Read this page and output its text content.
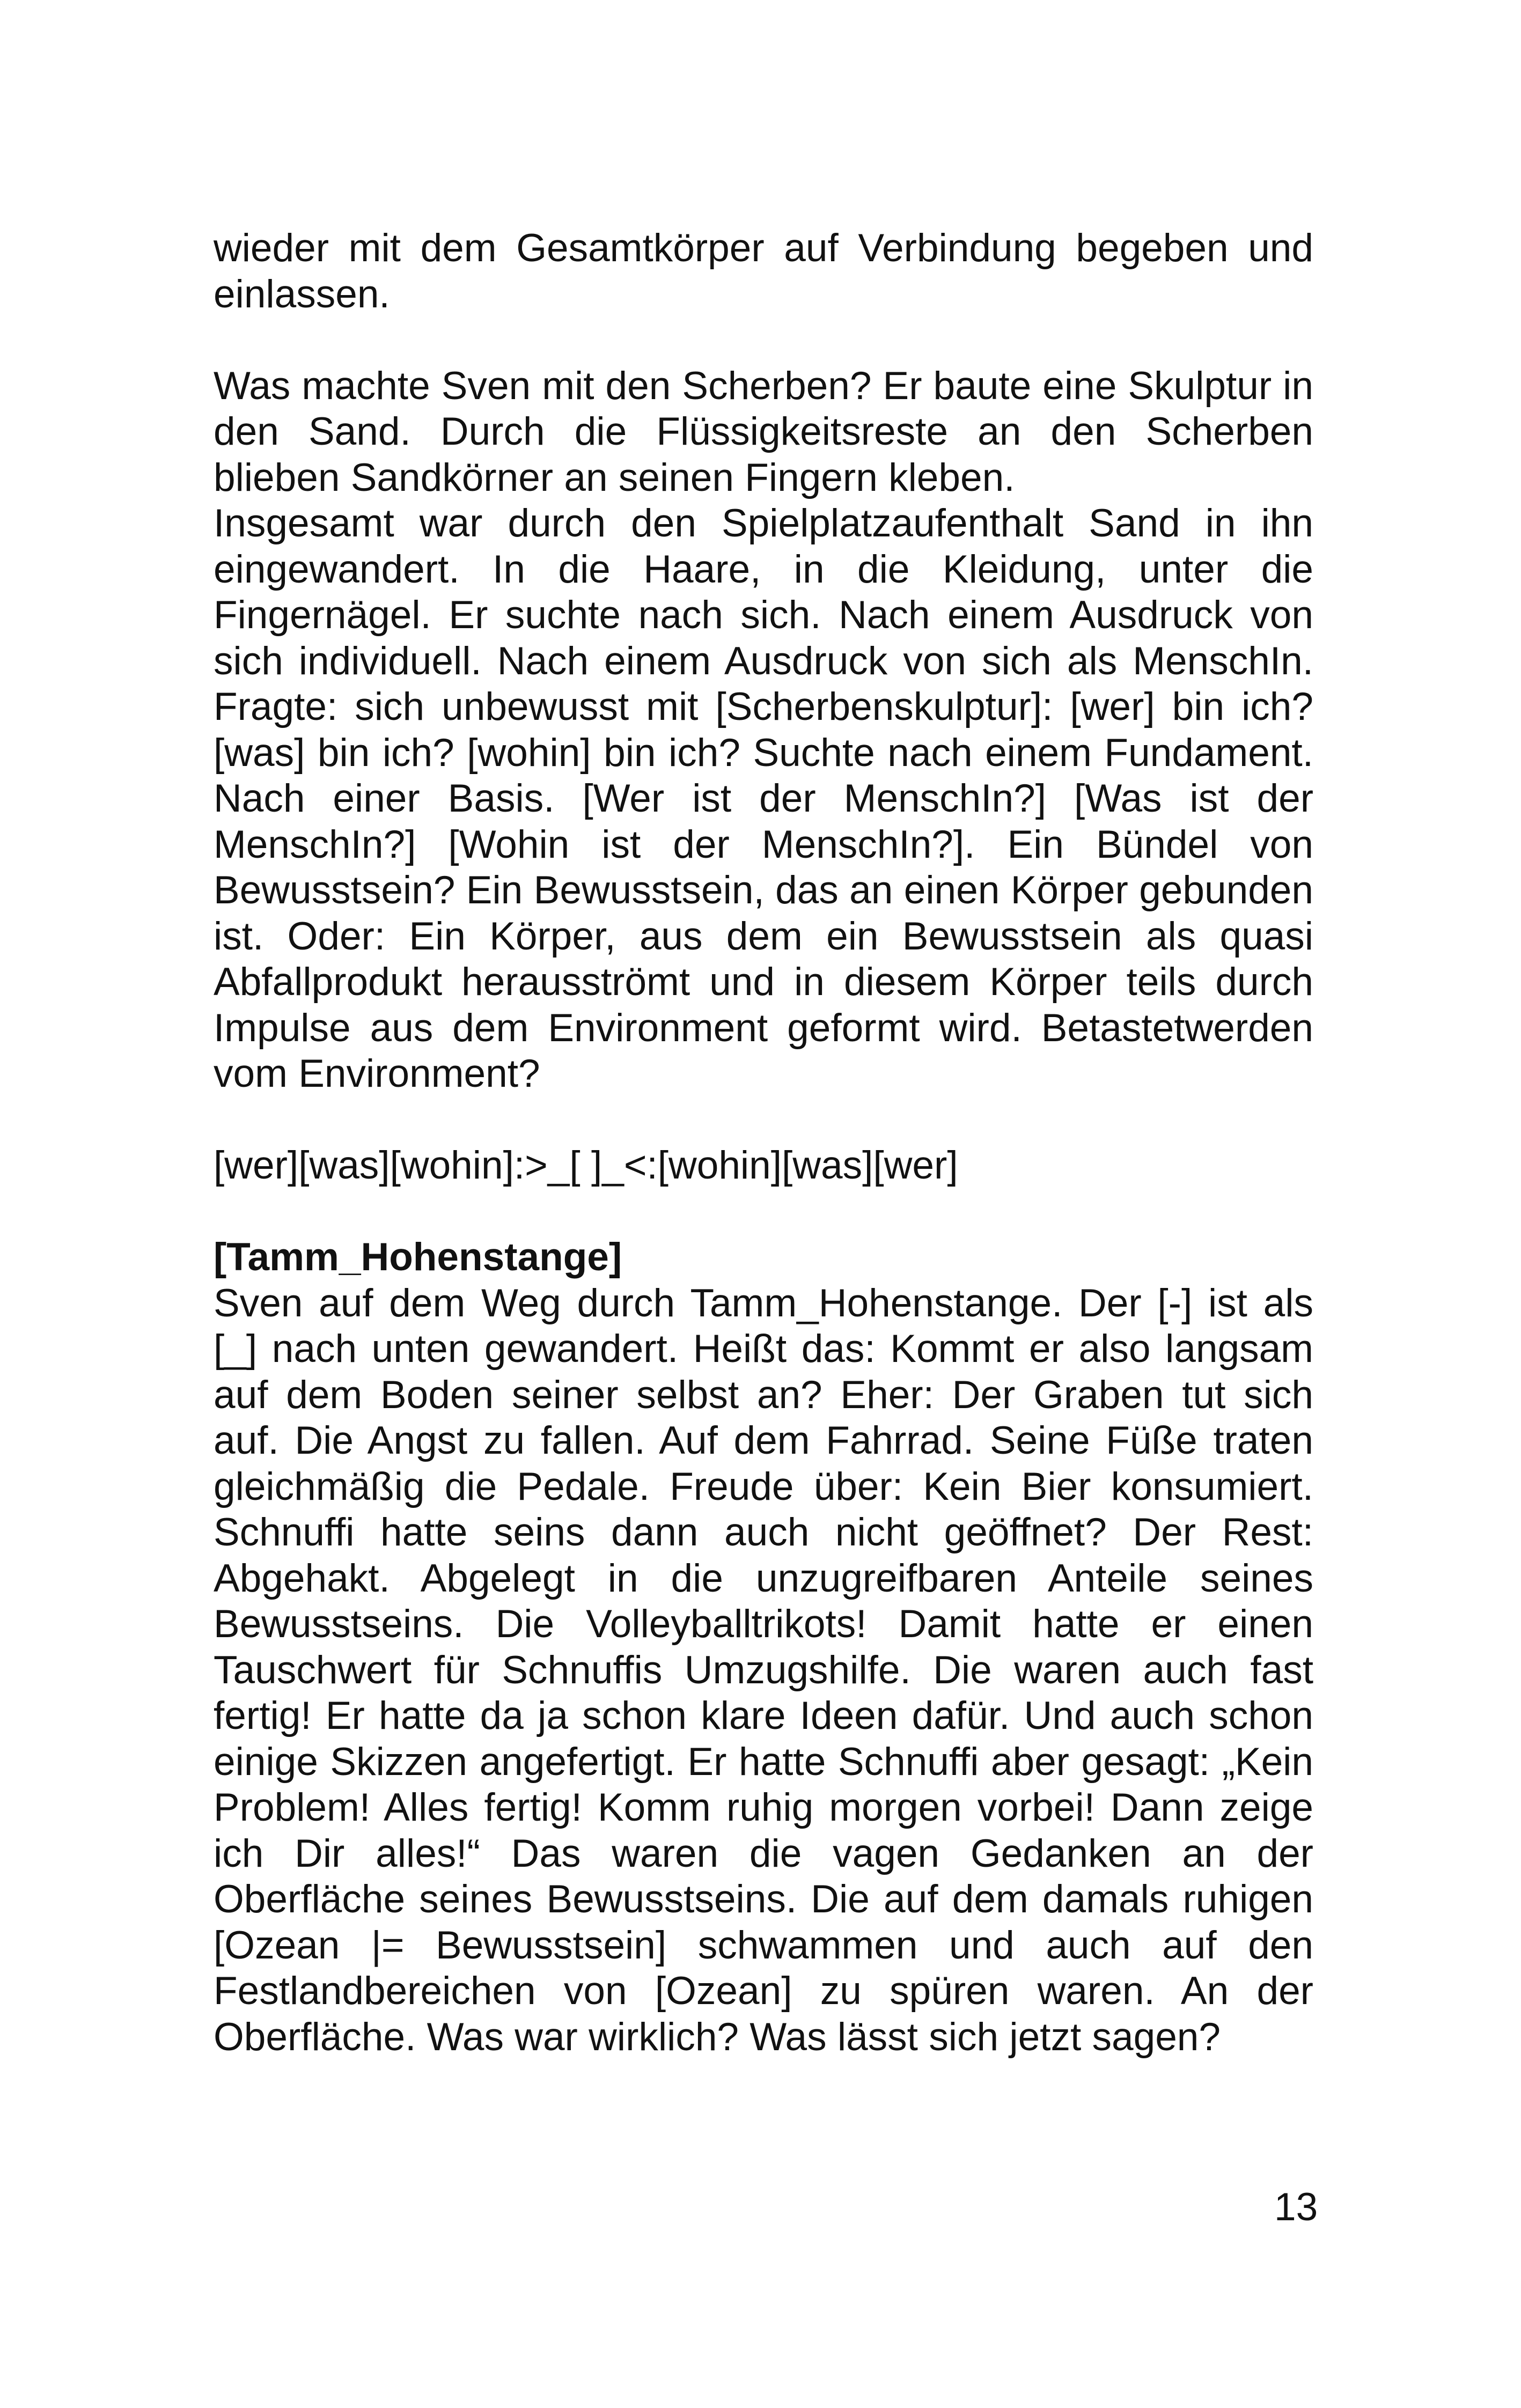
wieder mit dem Gesamtkörper auf Verbindung begeben und einlassen.

Was machte Sven mit den Scherben? Er baute eine Skulptur in den Sand. Durch die Flüssigkeitsreste an den Scherben blieben Sandkörner an seinen Fingern kleben.

Insgesamt war durch den Spielplatzaufenthalt Sand in ihn eingewandert. In die Haare, in die Kleidung, unter die Fingernägel. Er suchte nach sich. Nach einem Ausdruck von sich individuell. Nach einem Ausdruck von sich als MenschIn. Fragte: sich unbewusst mit [Scherbenskulptur]: [wer] bin ich? [was] bin ich? [wohin] bin ich? Suchte nach einem Fundament. Nach einer Basis. [Wer ist der MenschIn?] [Was ist der MenschIn?] [Wohin ist der MenschIn?]. Ein Bündel von Bewusstsein? Ein Bewusstsein, das an einen Körper gebunden ist. Oder: Ein Körper, aus dem ein Bewusstsein als quasi Abfallprodukt herausströmt und in diesem Körper teils durch Impulse aus dem Environment geformt wird. Betastetwerden vom Environment?

[wer][was][wohin]:>_[ ]_<:[wohin][was][wer]

[Tamm_Hohenstange]

Sven auf dem Weg durch Tamm_Hohenstange. Der [-] ist als [_] nach unten gewandert. Heißt das: Kommt er also langsam auf dem Boden seiner selbst an? Eher: Der Graben tut sich auf. Die Angst zu fallen. Auf dem Fahrrad. Seine Füße traten gleichmäßig die Pedale. Freude über: Kein Bier konsumiert. Schnuffi hatte seins dann auch nicht geöffnet? Der Rest: Abgehakt. Abgelegt in die unzugreifbaren Anteile seines Bewusstseins. Die Volleyballtrikots! Damit hatte er einen Tauschwert für Schnuffis Umzugshilfe. Die waren auch fast fertig! Er hatte da ja schon klare Ideen dafür. Und auch schon einige Skizzen angefertigt. Er hatte Schnuffi aber gesagt: „Kein Problem! Alles fertig! Komm ruhig morgen vorbei! Dann zeige ich Dir alles!“ Das waren die vagen Gedanken an der Oberfläche seines Bewusstseins. Die auf dem damals ruhigen [Ozean |= Bewusstsein] schwammen und auch auf den Festlandbereichen von [Ozean] zu spüren waren. An der Oberfläche. Was war wirklich? Was lässt sich jetzt sagen?

13
